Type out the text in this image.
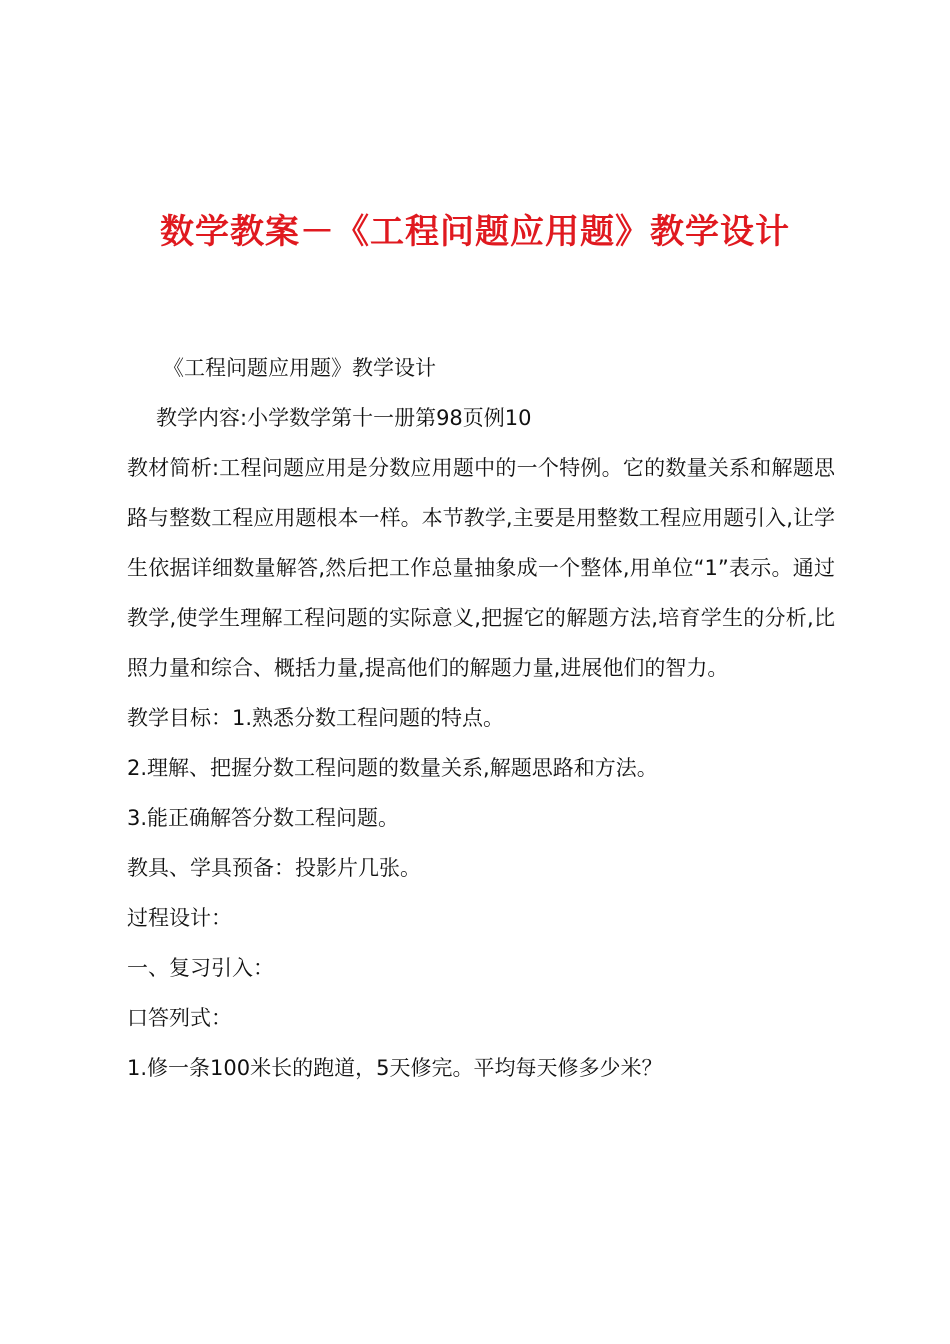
数学教案－《工程问题应用题》教学设计

《工程问题应用题》教学设计

教学内容:小学数学第十一册第98页例10

教材简析:工程问题应用是分数应用题中的一个特例。它的数量关系和解题思路与整数工程应用题根本一样。本节教学,主要是用整数工程应用题引入,让学生依据详细数量解答,然后把工作总量抽象成一个整体,用单位“1”表示。通过教学,使学生理解工程问题的实际意义,把握它的解题方法,培育学生的分析,比照力量和综合、概括力量,提高他们的解题力量,进展他们的智力。

教学目标：1.熟悉分数工程问题的特点。

2.理解、把握分数工程问题的数量关系,解题思路和方法。

3.能正确解答分数工程问题。

教具、学具预备：投影片几张。

过程设计：

一、复习引入：

口答列式：

1.修一条100米长的跑道，5天修完。平均每天修多少米？
